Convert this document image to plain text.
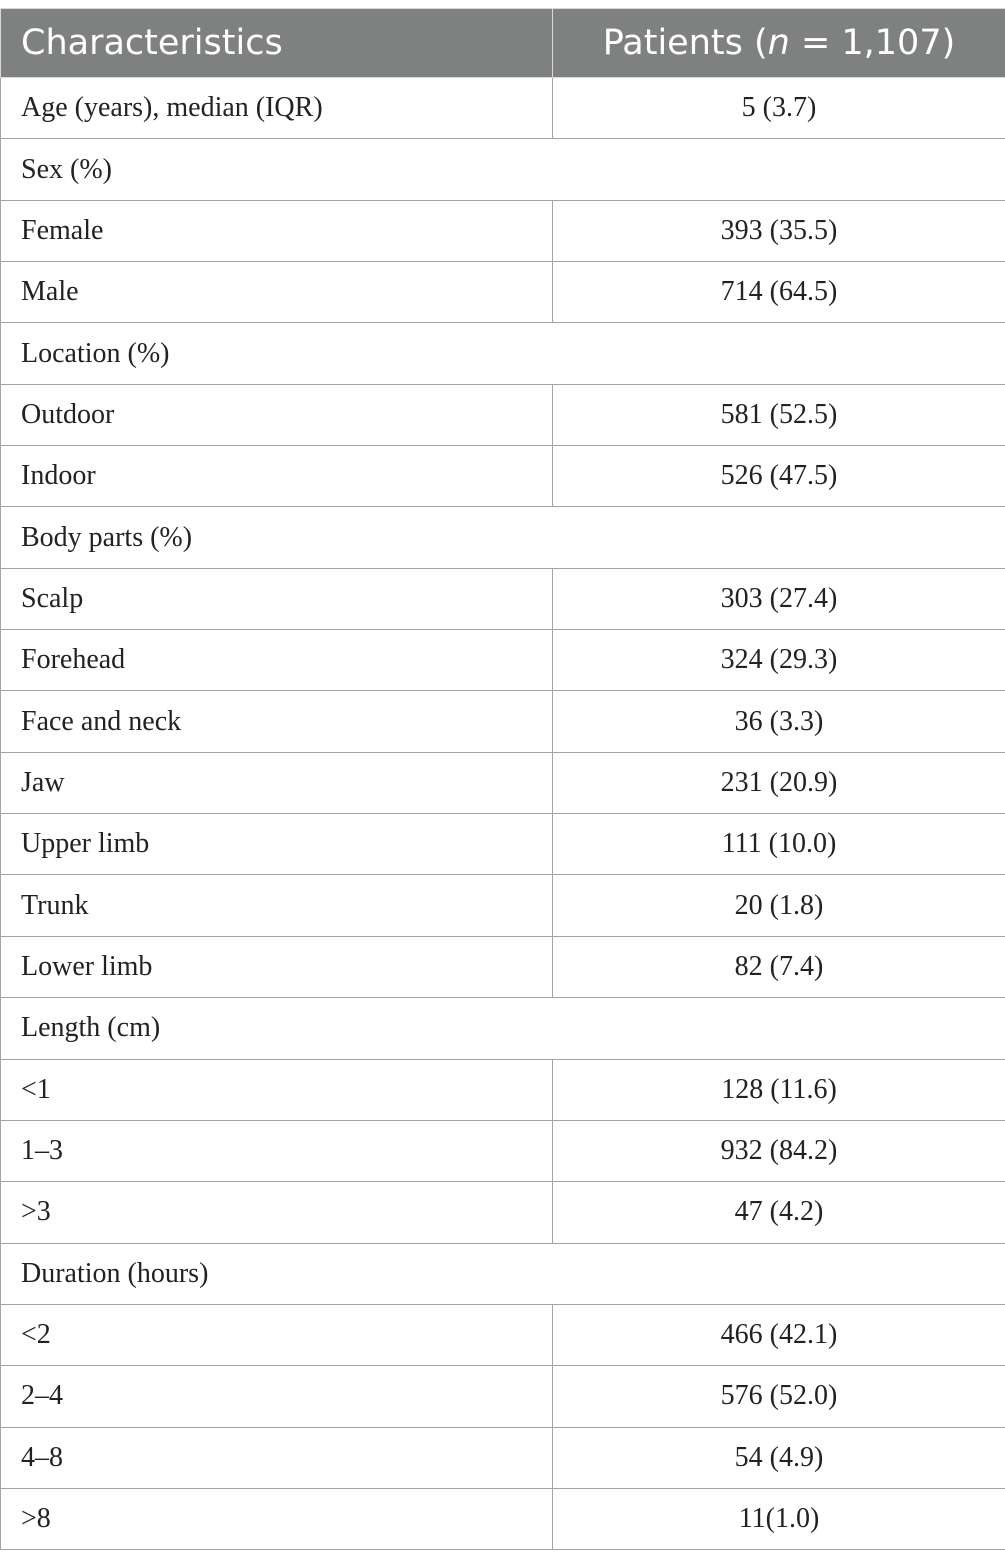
Characteristics	Patients (n = 1,107)
Age (years), median (IQR)	5 (3.7)
Sex (%)	
Female	393 (35.5)
Male	714 (64.5)
Location (%)	
Outdoor	581 (52.5)
Indoor	526 (47.5)
Body parts (%)	
Scalp	303 (27.4)
Forehead	324 (29.3)
Face and neck	36 (3.3)
Jaw	231 (20.9)
Upper limb	111 (10.0)
Trunk	20 (1.8)
Lower limb	82 (7.4)
Length (cm)	
<1	128 (11.6)
1–3	932 (84.2)
>3	47 (4.2)
Duration (hours)	
<2	466 (42.1)
2–4	576 (52.0)
4–8	54 (4.9)
>8	11(1.0)
